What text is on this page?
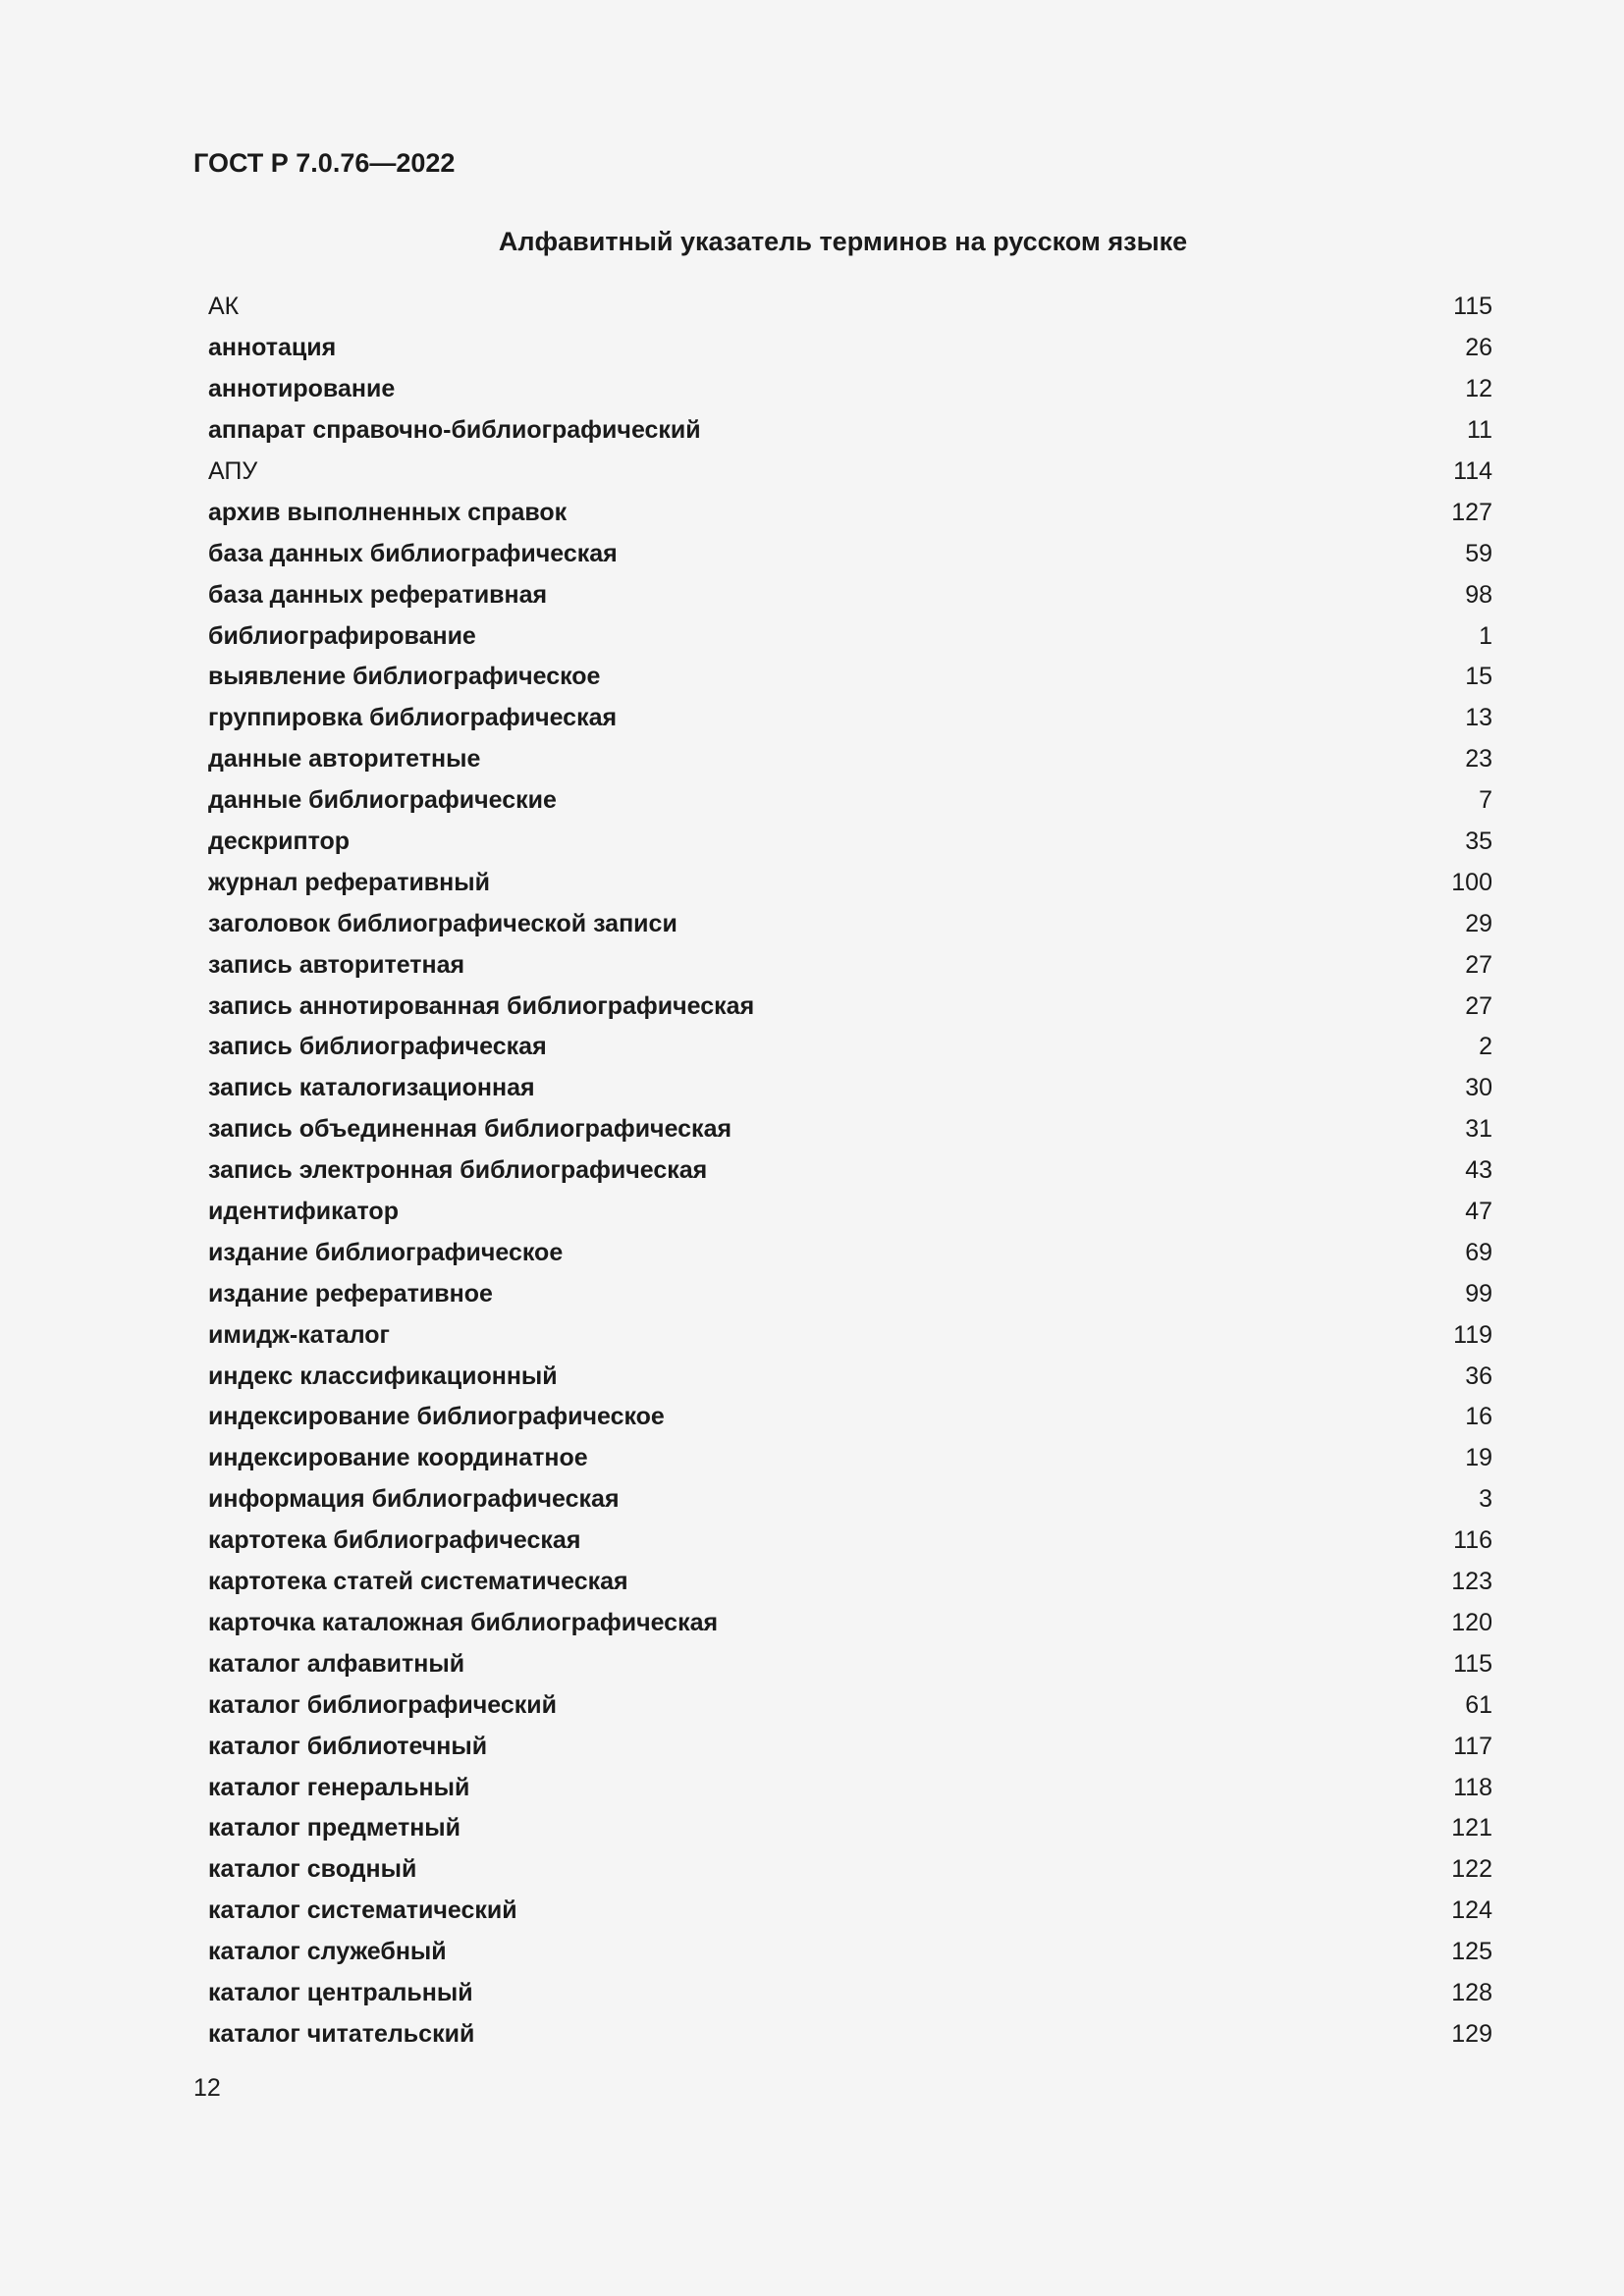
ГОСТ Р 7.0.76—2022
Алфавитный указатель терминов на русском языке
АК	115
аннотация	26
аннотирование	12
аппарат справочно-библиографический	11
АПУ	114
архив выполненных справок	127
база данных библиографическая	59
база данных реферативная	98
библиографирование	1
выявление библиографическое	15
группировка библиографическая	13
данные авторитетные	23
данные библиографические	7
дескриптор	35
журнал реферативный	100
заголовок библиографической записи	29
запись авторитетная	27
запись аннотированная библиографическая	27
запись библиографическая	2
запись каталогизационная	30
запись объединенная библиографическая	31
запись электронная библиографическая	43
идентификатор	47
издание библиографическое	69
издание реферативное	99
имидж-каталог	119
индекс классификационный	36
индексирование библиографическое	16
индексирование координатное	19
информация библиографическая	3
картотека библиографическая	116
картотека статей систематическая	123
карточка каталожная библиографическая	120
каталог алфавитный	115
каталог библиографический	61
каталог библиотечный	117
каталог генеральный	118
каталог предметный	121
каталог сводный	122
каталог систематический	124
каталог служебный	125
каталог центральный	128
каталог читательский	129
12
